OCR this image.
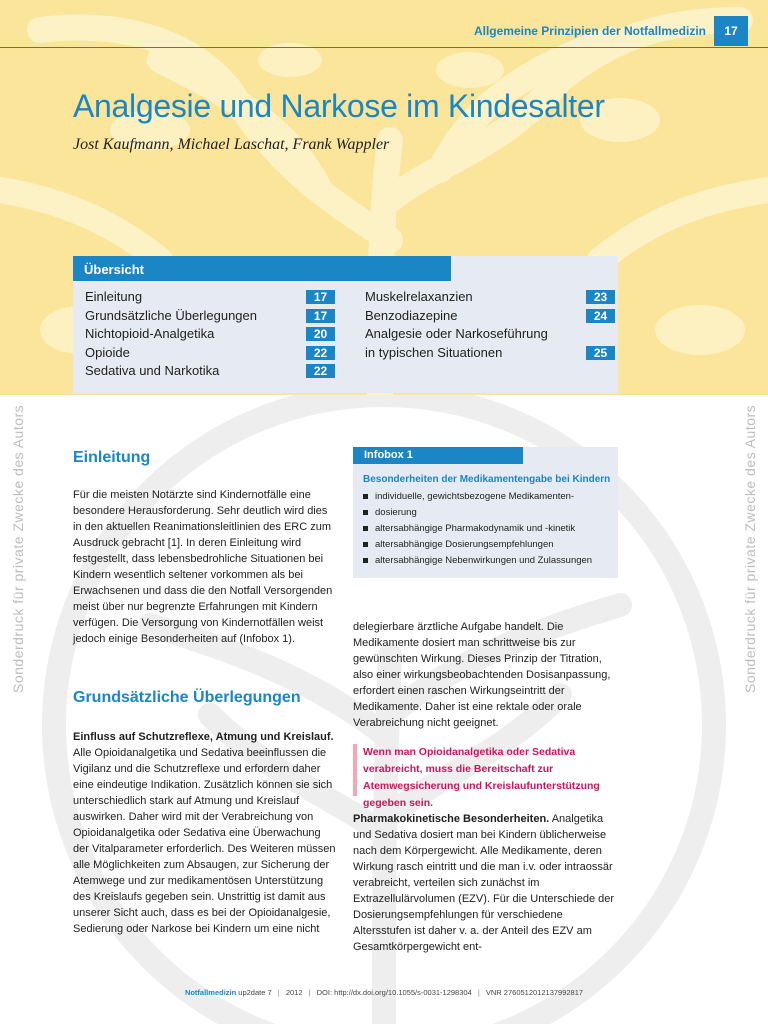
Allgemeine Prinzipien der Notfallmedizin	17
Analgesie und Narkose im Kindesalter
Jost Kaufmann, Michael Laschat, Frank Wappler
Übersicht
Einleitung
Grundsätzliche Überlegungen
Nichtopioid-Analgetika
Opioide
Sedativa und Narkotika
17
17
20
22
22
Muskelrelaxanzien
Benzodiazepine
Analgesie oder Narkoseführung
in typischen Situationen
23
24
25
Sonderdruck für private Zwecke des Autors	Sonderdruck für private Zwecke des Autors
Einleitung

Für die meisten Notärzte sind Kindernotfälle eine besondere Herausforderung. Sehr deutlich wird dies in den aktuellen Reanimationsleitlinien des ERC zum Ausdruck gebracht [1]. In deren Einleitung wird festgestellt, dass lebensbedrohliche Situationen bei Kindern wesentlich seltener vorkommen als bei Erwachsenen und dass die den Notfall Versorgenden meist über nur begrenzte Erfahrungen mit Kindern verfügen. Die Versorgung von Kindernotfällen weist jedoch einige Besonderheiten auf (Infobox 1).

Grundsätzliche Überlegungen

Einfluss auf Schutzreflexe, Atmung und Kreislauf.

Alle Opioidanalgetika und Sedativa beeinflussen die Vigilanz und die Schutzreflexe und erfordern daher eine eindeutige Indikation. Zusätzlich können sie sich unterschiedlich stark auf Atmung und Kreislauf auswirken. Daher wird mit der Verabreichung von Opioidanalgetika oder Sedativa eine Überwachung der Vitalparameter erforderlich. Des Weiteren müssen alle Möglichkeiten zum Absaugen, zur Sicherung der Atemwege und zur medikamentösen Unterstützung des Kreislaufs gegeben sein. Unstrittig ist damit aus unserer Sicht auch, dass es bei der Opioidanalgesie, Sedierung oder Narkose bei Kindern um eine nicht

Infobox 1
Besonderheiten der Medikamentengabe bei Kindern
individuelle, gewichtsbezogene Medikamenten-
dosierung
altersabhängige Pharmakodynamik und -kinetik
altersabhängige Dosierungsempfehlungen
altersabhängige Nebenwirkungen und Zulassungen

delegierbare ärztliche Aufgabe handelt. Die Medikamente dosiert man schrittweise bis zur gewünschten Wirkung. Dieses Prinzip der Titration, also einer wirkungsbeobachtenden Dosisanpassung, erfordert einen raschen Wirkungseintritt der Medikamente. Daher ist eine rektale oder orale Verabreichung nicht geeignet.

Wenn man Opioidanalgetika oder Sedativa verabreicht, muss die Bereitschaft zur Atemwegsicherung und Kreislaufunterstützung gegeben sein.

Pharmakokinetische Besonderheiten. Analgetika und Sedativa dosiert man bei Kindern üblicherweise nach dem Körpergewicht. Alle Medikamente, deren Wirkung rasch eintritt und die man i.v. oder intraossär verabreicht, verteilen sich zunächst im Extrazellulärvolumen (EZV). Für die Unterschiede der Dosierungsempfehlungen für verschiedene Altersstufen ist daher v. a. der Anteil des EZV am Gesamtkörpergewicht ent-

Notfallmedizin up2date 7 | 2012 | DOI: http://dx.doi.org/10.1055/s-0031-1298304 | VNR 2760512012137992817
